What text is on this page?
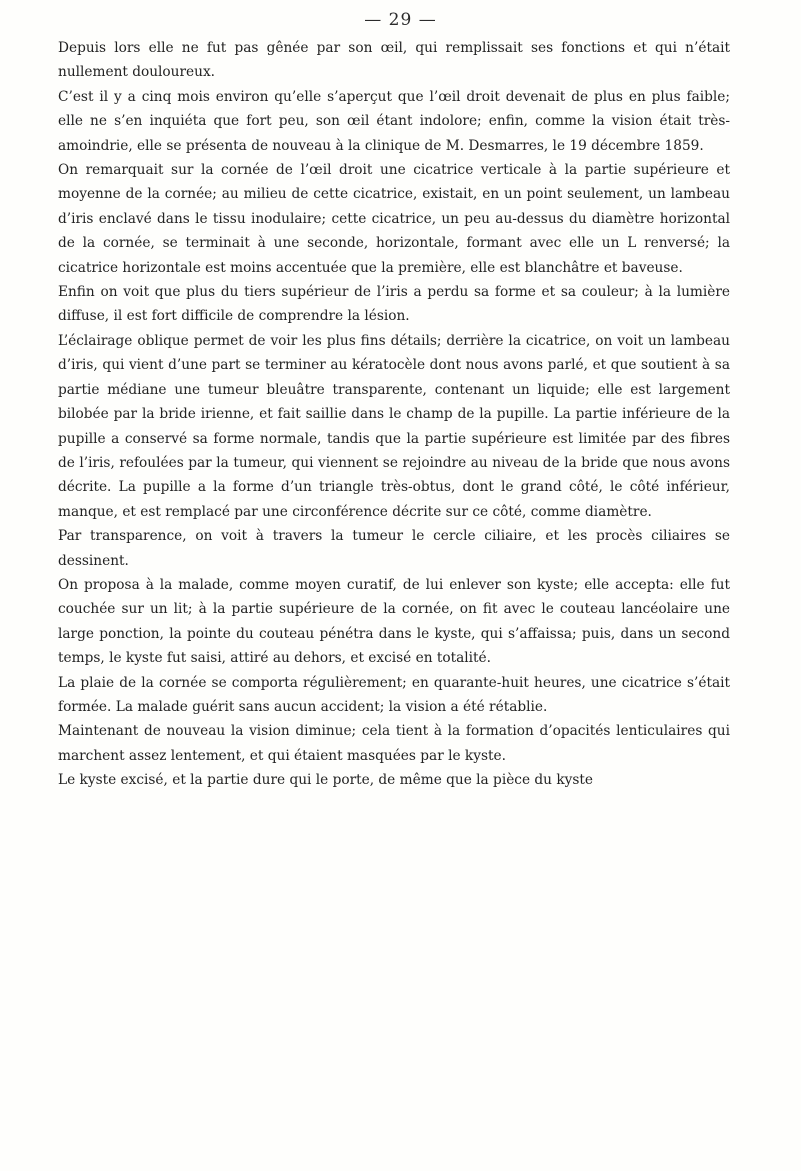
— 29 —

Depuis lors elle ne fut pas gênée par son œil, qui remplissait ses fonctions et qui n’était nullement douloureux.

C’est il y a cinq mois environ qu’elle s’aperçut que l’œil droit devenait de plus en plus faible; elle ne s’en inquiéta que fort peu, son œil étant indolore; enfin, comme la vision était très-amoindrie, elle se présenta de nouveau à la clinique de M. Desmarres, le 19 décembre 1859.

On remarquait sur la cornée de l’œil droit une cicatrice verticale à la partie supérieure et moyenne de la cornée; au milieu de cette cicatrice, existait, en un point seulement, un lambeau d’iris enclavé dans le tissu inodulaire; cette cicatrice, un peu au-dessus du diamètre horizontal de la cornée, se terminait à une seconde, horizontale, formant avec elle un L renversé; la cicatrice horizontale est moins accentuée que la première, elle est blanchâtre et baveuse.

Enfin on voit que plus du tiers supérieur de l’iris a perdu sa forme et sa couleur; à la lumière diffuse, il est fort difficile de comprendre la lésion.

L’éclairage oblique permet de voir les plus fins détails; derrière la cicatrice, on voit un lambeau d’iris, qui vient d’une part se terminer au kératocèle dont nous avons parlé, et que soutient à sa partie médiane une tumeur bleuâtre transparente, contenant un liquide; elle est largement bilobée par la bride irienne, et fait saillie dans le champ de la pupille. La partie inférieure de la pupille a conservé sa forme normale, tandis que la partie supérieure est limitée par des fibres de l’iris, refoulées par la tumeur, qui viennent se rejoindre au niveau de la bride que nous avons décrite. La pupille a la forme d’un triangle très-obtus, dont le grand côté, le côté inférieur, manque, et est remplacé par une circonférence décrite sur ce côté, comme diamètre.

Par transparence, on voit à travers la tumeur le cercle ciliaire, et les procès ciliaires se dessinent.

On proposa à la malade, comme moyen curatif, de lui enlever son kyste; elle accepta: elle fut couchée sur un lit; à la partie supérieure de la cornée, on fit avec le couteau lancéolaire une large ponction, la pointe du couteau pénétra dans le kyste, qui s’affaissa; puis, dans un second temps, le kyste fut saisi, attiré au dehors, et excisé en totalité.

La plaie de la cornée se comporta régulièrement; en quarante-huit heures, une cicatrice s’était formée. La malade guérit sans aucun accident; la vision a été rétablie.

Maintenant de nouveau la vision diminue; cela tient à la formation d’opacités lenticulaires qui marchent assez lentement, et qui étaient masquées par le kyste.

Le kyste excisé, et la partie dure qui le porte, de même que la pièce du kyste
